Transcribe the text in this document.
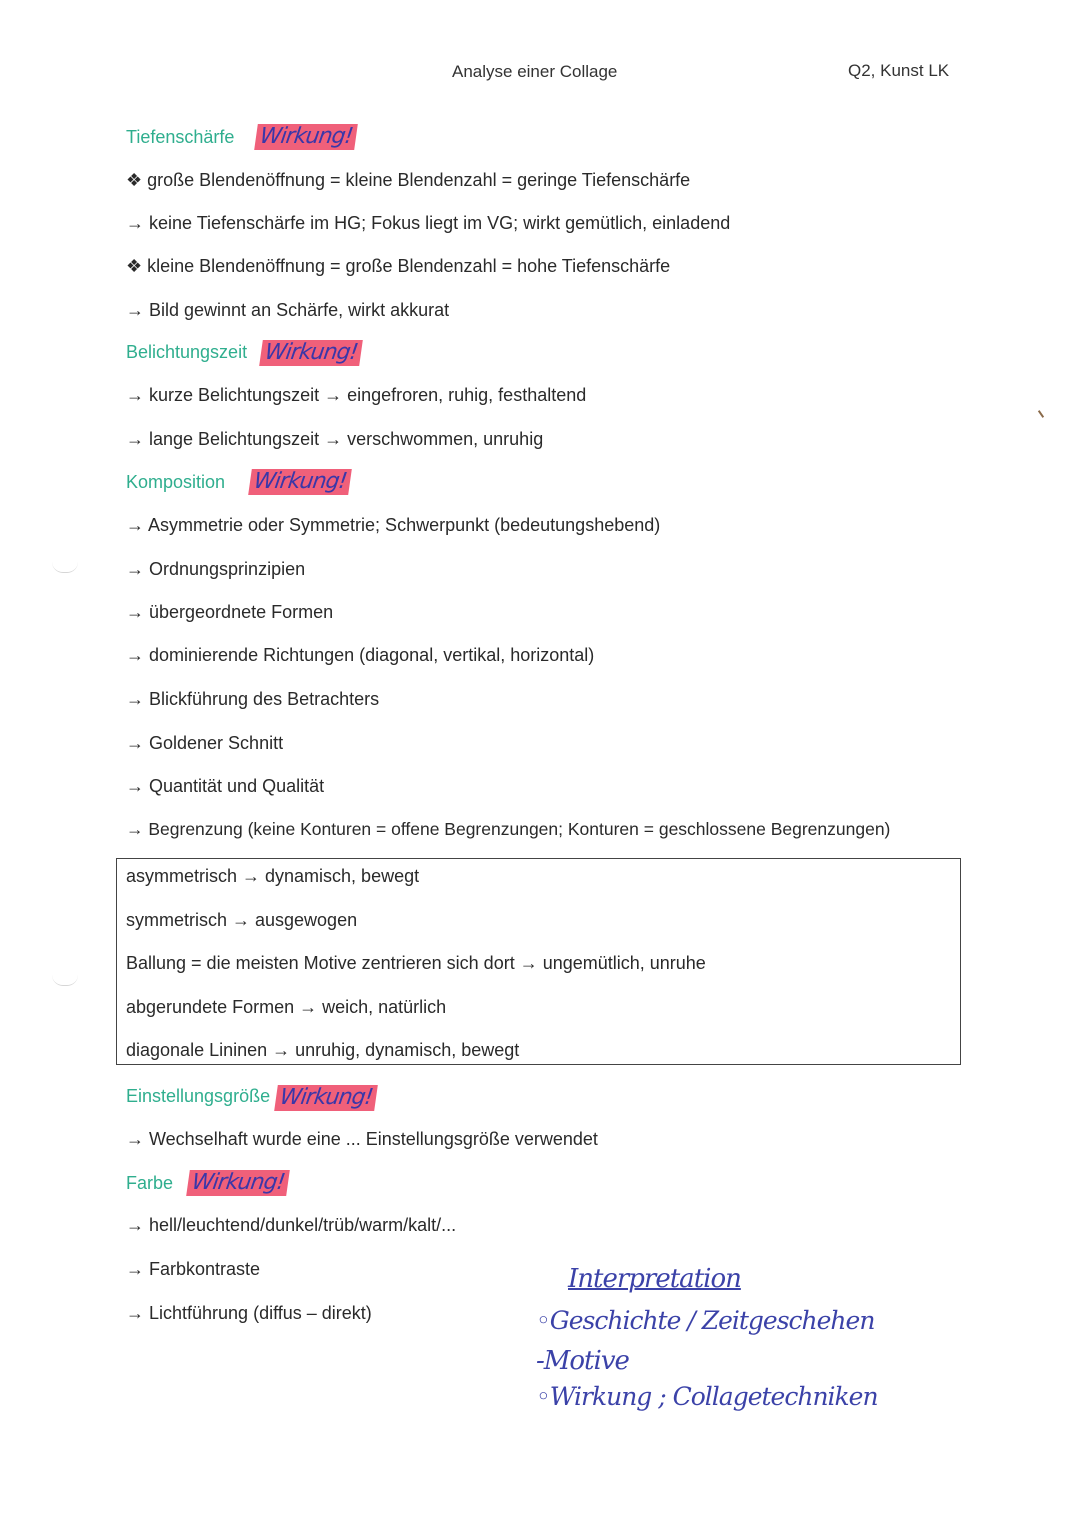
Analyse einer Collage	Q2, Kunst LK
Tiefenschärfe Wirkung!
❖ große Blendenöffnung = kleine Blendenzahl = geringe Tiefenschärfe
→ keine Tiefenschärfe im HG; Fokus liegt im VG; wirkt gemütlich, einladend
❖ kleine Blendenöffnung = große Blendenzahl = hohe Tiefenschärfe
→ Bild gewinnt an Schärfe, wirkt akkurat
Belichtungszeit Wirkung!
→ kurze Belichtungszeit → eingefroren, ruhig, festhaltend
→ lange Belichtungszeit → verschwommen, unruhig
Komposition Wirkung!
→ Asymmetrie oder Symmetrie; Schwerpunkt (bedeutungshebend)
→ Ordnungsprinzipien
→ übergeordnete Formen
→ dominierende Richtungen (diagonal, vertikal, horizontal)
→ Blickführung des Betrachters
→ Goldener Schnitt
→ Quantität und Qualität
→ Begrenzung (keine Konturen = offene Begrenzungen; Konturen = geschlossene Begrenzungen)
asymmetrisch → dynamisch, bewegt
symmetrisch → ausgewogen
Ballung = die meisten Motive zentrieren sich dort → ungemütlich, unruhe
abgerundete Formen → weich, natürlich
diagonale Lininen → unruhig, dynamisch, bewegt
Einstellungsgröße Wirkung!
→ Wechselhaft wurde eine ... Einstellungsgröße verwendet
Farbe Wirkung!
→ hell/leuchtend/dunkel/trüb/warm/kalt/...
→ Farbkontraste
→ Lichtführung (diffus – direkt)
Interpretation
◦Geschichte / Zeitgeschehen
-Motive
◦Wirkung ; Collagetechniken
